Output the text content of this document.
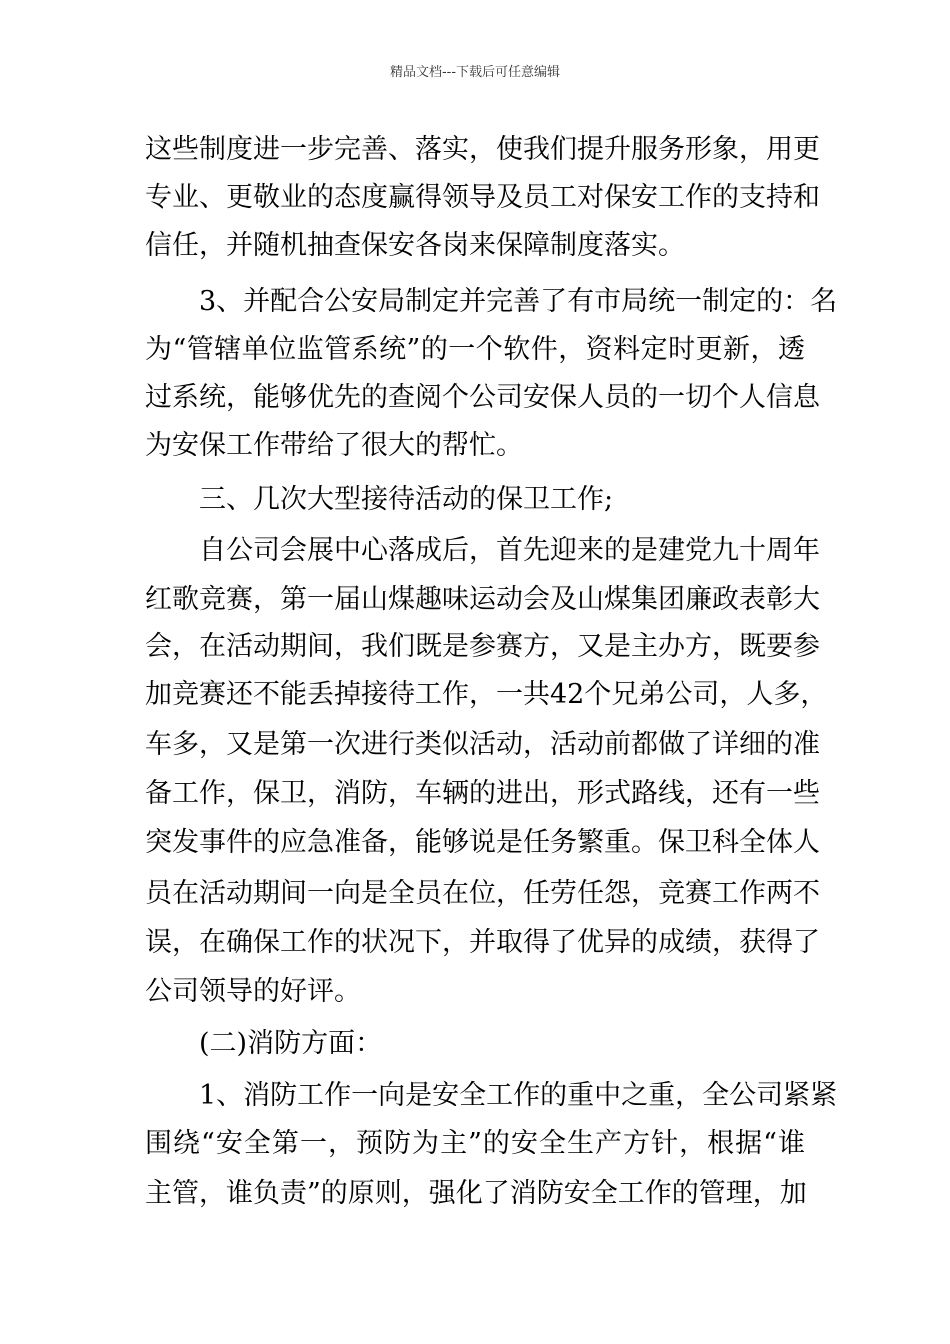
精品文档---下载后可任意编辑
这些制度进一步完善、落实，使我们提升服务形象，用更
专业、更敬业的态度赢得领导及员工对保安工作的支持和
信任，并随机抽查保安各岗来保障制度落实。
3、并配合公安局制定并完善了有市局统一制定的：名
为“管辖单位监管系统”的一个软件，资料定时更新，透
过系统，能够优先的查阅个公司安保人员的一切个人信息
为安保工作带给了很大的帮忙。
三、几次大型接待活动的保卫工作;
自公司会展中心落成后，首先迎来的是建党九十周年
红歌竞赛，第一届山煤趣味运动会及山煤集团廉政表彰大
会，在活动期间，我们既是参赛方，又是主办方，既要参
加竞赛还不能丢掉接待工作，一共42个兄弟公司，人多，
车多，又是第一次进行类似活动，活动前都做了详细的准
备工作，保卫，消防，车辆的进出，形式路线，还有一些
突发事件的应急准备，能够说是任务繁重。保卫科全体人
员在活动期间一向是全员在位，任劳任怨，竞赛工作两不
误，在确保工作的状况下，并取得了优异的成绩，获得了
公司领导的好评。
(二)消防方面：
1、消防工作一向是安全工作的重中之重，全公司紧紧
围绕“安全第一，预防为主”的安全生产方针，根据“谁
主管，谁负责”的原则，强化了消防安全工作的管理，加
